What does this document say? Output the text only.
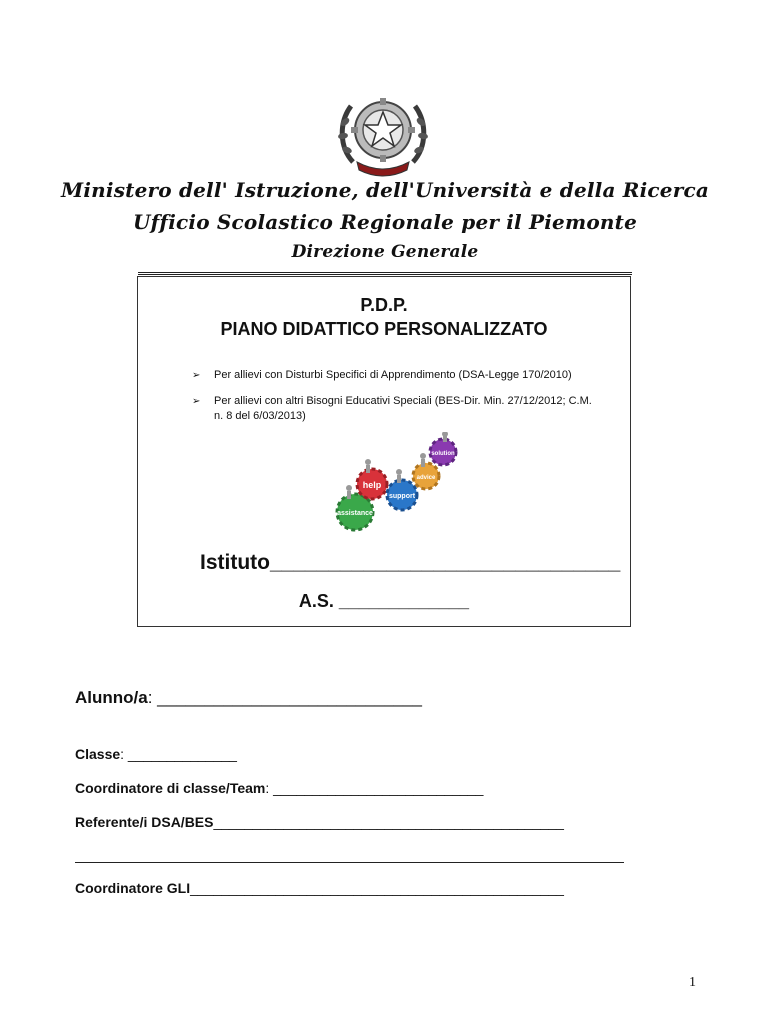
Ministero dell' Istruzione, dell'Università e della Ricerca
Ufficio Scolastico Regionale per il Piemonte
Direzione Generale
P.D.P.
PIANO DIDATTICO PERSONALIZZATO
➢ Per allievi con Disturbi Specifici di Apprendimento (DSA-Legge 170/2010)
➢ Per allievi con altri Bisogni Educativi Speciali (BES-Dir. Min. 27/12/2012; C.M. n. 8 del 6/03/2013)
assistance
help
support
advice
solution
Istituto______________________________
A.S. _____________
Alunno/a: ____________________________
Classe: ______________
Coordinatore di classe/Team: ___________________________
Referente/i DSA/BES_____________________________________________
Coordinatore GLI________________________________________________
1
